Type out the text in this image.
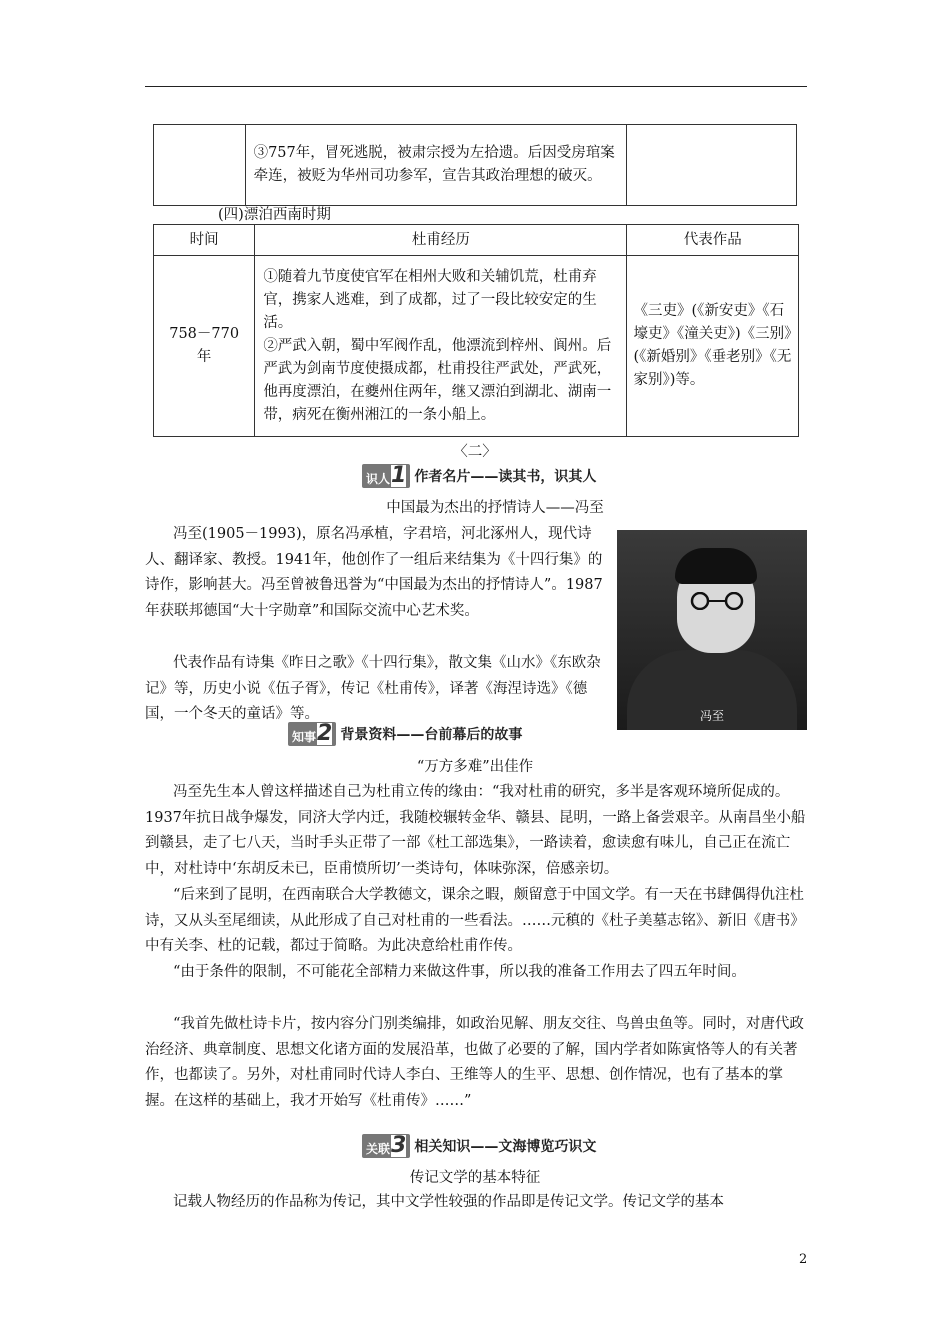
	③757年，冒死逃脱，被肃宗授为左拾遗。后因受房琯案牵连，被贬为华州司功参军，宣告其政治理想的破灭。	
(四)漂泊西南时期
时间	杜甫经历	代表作品
758－770年	①随着九节度使官军在相州大败和关辅饥荒，杜甫弃官，携家人逃难，到了成都，过了一段比较安定的生活。
②严武入朝，蜀中军阀作乱，他漂流到梓州、阆州。后严武为剑南节度使摄成都，杜甫投往严武处，严武死，他再度漂泊，在夔州住两年，继又漂泊到湖北、湖南一带，病死在衡州湘江的一条小船上。	《三吏》(《新安吏》《石壕吏》《潼关吏》)《三别》(《新婚别》《垂老别》《无家别》)等。
〈二〉
识人 1 作者名片——读其书，识其人
中国最为杰出的抒情诗人——冯至

冯至(1905－1993)，原名冯承植，字君培，河北涿州人，现代诗人、翻译家、教授。1941年，他创作了一组后来结集为《十四行集》的诗作，影响甚大。冯至曾被鲁迅誉为“中国最为杰出的抒情诗人”。1987年获联邦德国“大十字勋章”和国际交流中心艺术奖。

代表作品有诗集《昨日之歌》《十四行集》，散文集《山水》《东欧杂记》等，历史小说《伍子胥》，传记《杜甫传》，译著《海涅诗选》《德国，一个冬天的童话》等。	冯至
知事 2 背景资料——台前幕后的故事
“万方多难”出佳作

冯至先生本人曾这样描述自己为杜甫立传的缘由：“我对杜甫的研究，多半是客观环境所促成的。1937年抗日战争爆发，同济大学内迁，我随校辗转金华、赣县、昆明，一路上备尝艰辛。从南昌坐小船到赣县，走了七八天，当时手头正带了一部《杜工部选集》，一路读着，愈读愈有味儿，自己正在流亡中，对杜诗中‘东胡反未已，臣甫愤所切’一类诗句，体味弥深，倍感亲切。

“后来到了昆明，在西南联合大学教德文，课余之暇，颇留意于中国文学。有一天在书肆偶得仇注杜诗，又从头至尾细读，从此形成了自己对杜甫的一些看法。……元稹的《杜子美墓志铭》、新旧《唐书》中有关李、杜的记载，都过于简略。为此决意给杜甫作传。

“由于条件的限制，不可能花全部精力来做这件事，所以我的准备工作用去了四五年时间。

“我首先做杜诗卡片，按内容分门别类编排，如政治见解、朋友交往、鸟兽虫鱼等。同时，对唐代政治经济、典章制度、思想文化诸方面的发展沿革，也做了必要的了解，国内学者如陈寅恪等人的有关著作，也都读了。另外，对杜甫同时代诗人李白、王维等人的生平、思想、创作情况，也有了基本的掌握。在这样的基础上，我才开始写《杜甫传》……”

关联 3 相关知识——文海博览巧识文
传记文学的基本特征

记载人物经历的作品称为传记，其中文学性较强的作品即是传记文学。传记文学的基本

2
